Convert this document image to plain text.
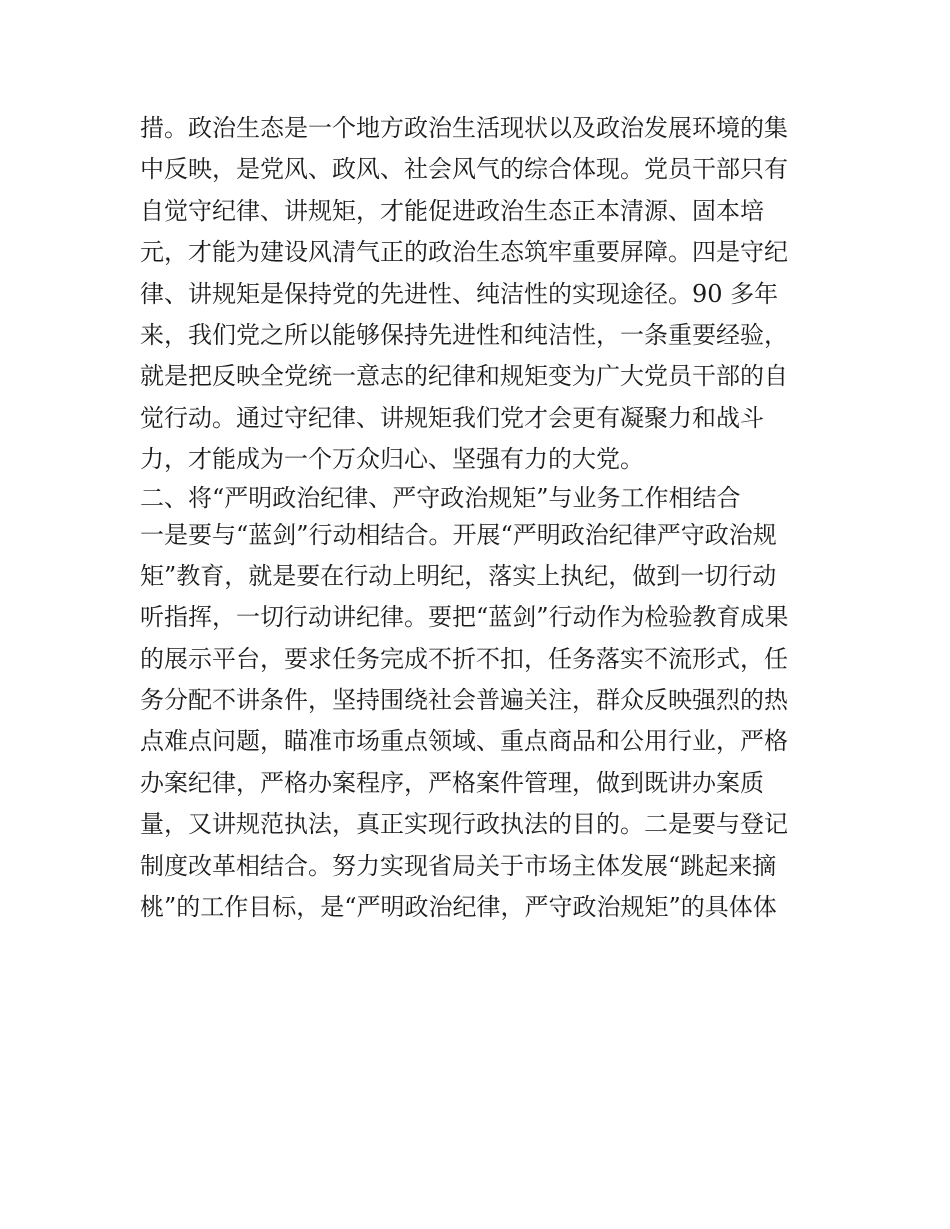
措。政治生态是一个地方政治生活现状以及政治发展环境的集
中反映，是党风、政风、社会风气的综合体现。党员干部只有
自觉守纪律、讲规矩，才能促进政治生态正本清源、固本培
元，才能为建设风清气正的政治生态筑牢重要屏障。四是守纪
律、讲规矩是保持党的先进性、纯洁性的实现途径。90 多年
来，我们党之所以能够保持先进性和纯洁性，一条重要经验，
就是把反映全党统一意志的纪律和规矩变为广大党员干部的自
觉行动。通过守纪律、讲规矩我们党才会更有凝聚力和战斗
力，才能成为一个万众归心、坚强有力的大党。
二、将“严明政治纪律、严守政治规矩”与业务工作相结合
一是要与“蓝剑”行动相结合。开展“严明政治纪律严守政治规
矩”教育，就是要在行动上明纪，落实上执纪，做到一切行动
听指挥，一切行动讲纪律。要把“蓝剑”行动作为检验教育成果
的展示平台，要求任务完成不折不扣，任务落实不流形式，任
务分配不讲条件，坚持围绕社会普遍关注，群众反映强烈的热
点难点问题，瞄准市场重点领域、重点商品和公用行业，严格
办案纪律，严格办案程序，严格案件管理，做到既讲办案质
量，又讲规范执法，真正实现行政执法的目的。二是要与登记
制度改革相结合。努力实现省局关于市场主体发展“跳起来摘
桃”的工作目标，是“严明政治纪律，严守政治规矩”的具体体
